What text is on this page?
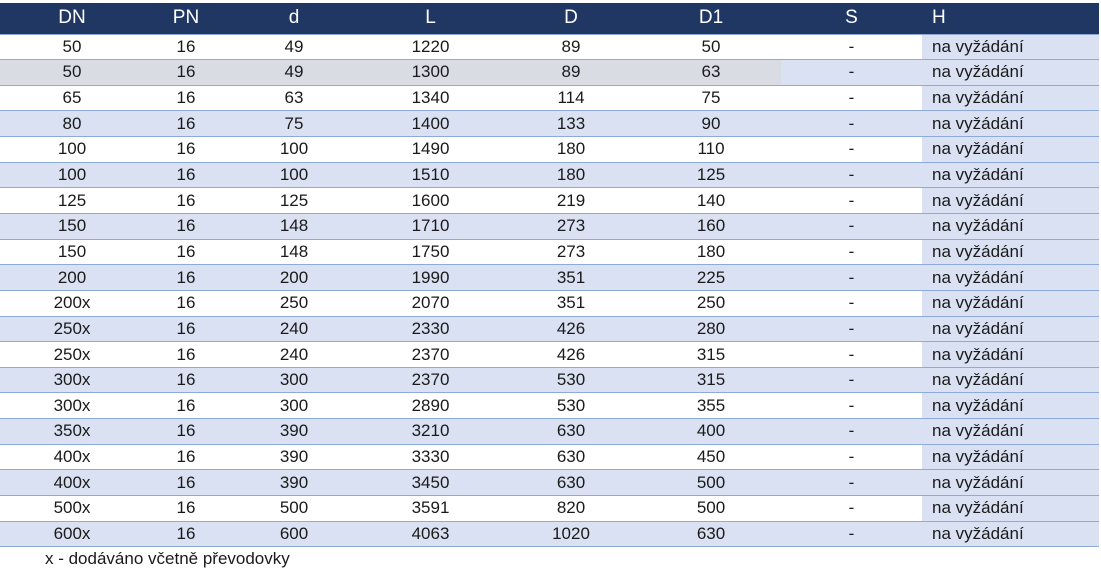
DN	PN	d	L	D	D1	S	H
50	16	49	1220	89	50	-	na vyžádání
50	16	49	1300	89	63	-	na vyžádání
65	16	63	1340	114	75	-	na vyžádání
80	16	75	1400	133	90	-	na vyžádání
100	16	100	1490	180	110	-	na vyžádání
100	16	100	1510	180	125	-	na vyžádání
125	16	125	1600	219	140	-	na vyžádání
150	16	148	1710	273	160	-	na vyžádání
150	16	148	1750	273	180	-	na vyžádání
200	16	200	1990	351	225	-	na vyžádání
200x	16	250	2070	351	250	-	na vyžádání
250x	16	240	2330	426	280	-	na vyžádání
250x	16	240	2370	426	315	-	na vyžádání
300x	16	300	2370	530	315	-	na vyžádání
300x	16	300	2890	530	355	-	na vyžádání
350x	16	390	3210	630	400	-	na vyžádání
400x	16	390	3330	630	450	-	na vyžádání
400x	16	390	3450	630	500	-	na vyžádání
500x	16	500	3591	820	500	-	na vyžádání
600x	16	600	4063	1020	630	-	na vyžádání
x - dodáváno včetně převodovky
